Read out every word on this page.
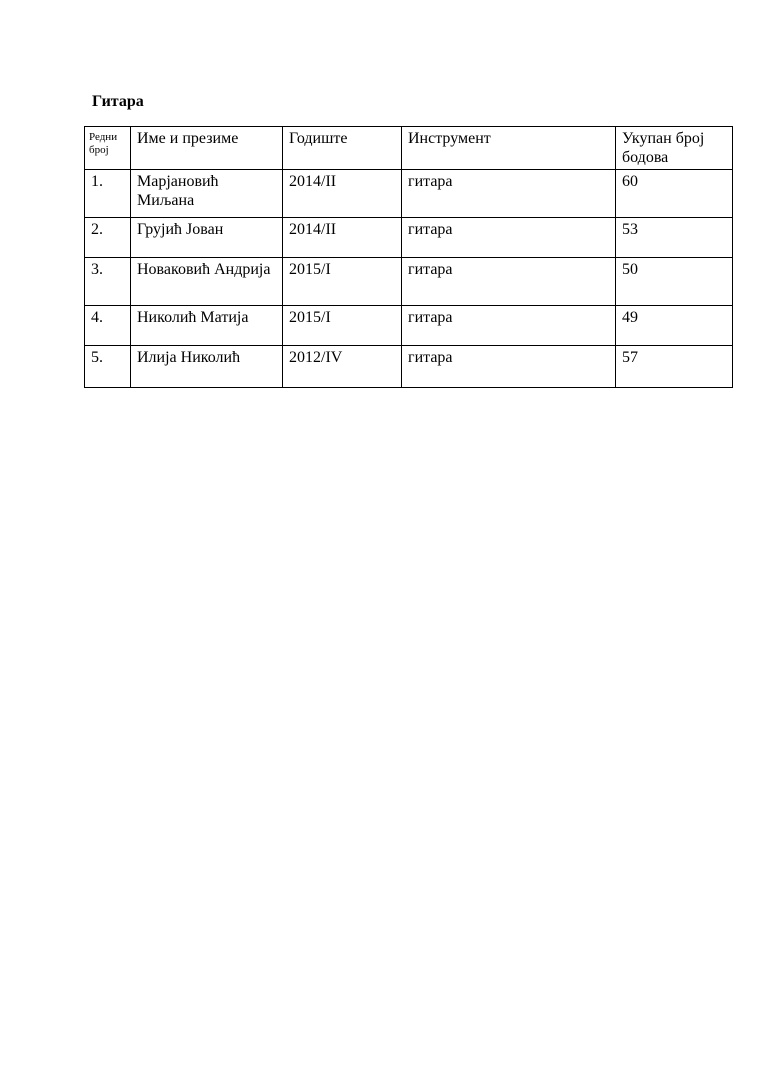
Гитара
Редни број	Име и презиме	Годиште	Инструмент	Укупан број бодова
1.	Марјановић Миљана	2014/II	гитара	60
2.	Грујић Јован	2014/II	гитара	53
3.	Новаковић Андрија	2015/I	гитара	50
4.	Николић Матија	2015/I	гитара	49
5.	Илија Николић	2012/IV	гитара	57
